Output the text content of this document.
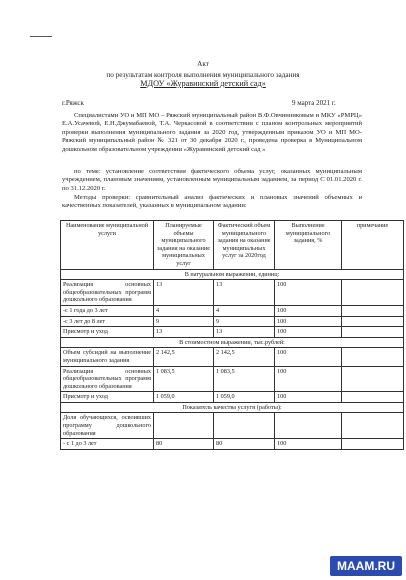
Акт
по результатам контроля выполнения муниципального задания
МДОУ «Журавинский детский сад»
г.Ряжск	9 марта 2021 г.

Специалистами УО и МП МО – Ряжский муниципальный район В.Ф.Овчинниковым и МКУ «РМРЦ» Е.А.Усачевой, Е.Н.Джумабаевой, Т.А. Черкасовой в соответствии с планом контрольных мероприятий проверки выполнения муниципального задания за 2020 год, утвержденным приказом УО и МП МО-Ряжский муниципальный район № 321 от 30 декабря 2020 г., проведена проверка в Муниципальном дошкольном образовательном учреждении «Журавинский детский сад »

по теме: установление соответствия фактического объема услуг, оказанных муниципальным учреждением, плановым значениям, установленным муниципальным заданием, за период С 01.01.2020 г. по 31.12.2020 г.

Методы проверки: сравнительный анализ фактических и плановых значений объемных и качественных показателей, указанных в муниципальном задании:

Наименование муниципальной услуги	Планируемые объемы муниципального задания на оказание муниципальных услуг	Фактический объем муниципального задания на оказание муниципальных услуг за 2020год	Выполнение муниципального задания, %	примечание
В натуральном выражении, единиц:				
Реализация основных общеобразовательных программ дошкольного образования	13	13	100	
-с 1 года до 3 лет	4	4	100	
-с 3 лет до 8 лет	9	9	100	
Присмотр и уход	13	13	100	
В стоимостном выражении, тыс.рублей:				
Объем субсидий на выполнение муниципального задания	2 142,5	2 142,5	100	
Реализация основных общеобразовательных программ дошкольного образования	1 083,5	1 083,5	100	
Присмотр и уход	1 059,0	1 059,0	100	
Показатель качества услуги (работы):				
Доля обучающихся, освоивших программу дошкольного образования				
- с 1 до 3 лет	80	80	100	
MAAM.RU
